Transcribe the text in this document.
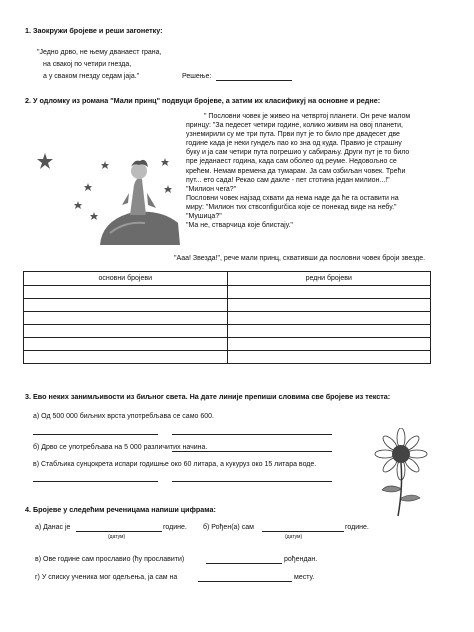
1. Заокружи бројеве и реши загонетку:
"Једно дрво, не њему дванаест грана,
на свакој по четири гнезда,
а у сваком гнезду седам јаја."	Решење:
2. У одломку из романа "Мали принц" подвуци бројеве, а затим их класификуј на основне и редне:
" Пословни човек је живео на четвртој планети. Он рече малом
принцу: "За педесет четири године, колико живим на овој планети,
узнемирили су ме три пута. Први пут је то било пре двадесет две
године када је неки гундељ пао ко зна од куда. Правио је страшну
буку и ја сам четири пута погрешио у сабирању. Други пут је то било
пре једанаест година, када сам оболео од реуме. Недовољно се
крећем. Немам времена да тумарам. Ја сам озбиљан човек. Трећи
пут... ето сада! Рекао сам дакле - пет стотина један милион...!"
"Милион чега?"
Пословни човек најзад схвати да нема наде да ће га оставити на
миру: "Милион тих ствconfigurčica које се понекад виде на небу."
"Мушица?"
"Ма не, ствapчица које блистају."
"Ааа! Звезда!", рече мали принц, схвативши да пословни човек броји звезде.
основни бројеви	редни бројеви

3. Ево неких занимљивости из биљног света. На дате линије препиши словима све бројеве из текста:
а) Од 500 000 биљних врста употребљава се само 600.
б) Дрво се употребљава на 5 000 различитих начина.
в) Стабљика сунцокрета испари годишње око 60 литара, а кукуруз око 15 литара воде.
4. Бројеве у следећим реченицама напиши цифрама:
а) Данас је	године.
(датум)
б) Рођен(а) сам	године.
(датум)
в) Ове године сам прославио (ћу прославити)	рођендан.
г) У списку ученика мог одељења, ја сам на	месту.
